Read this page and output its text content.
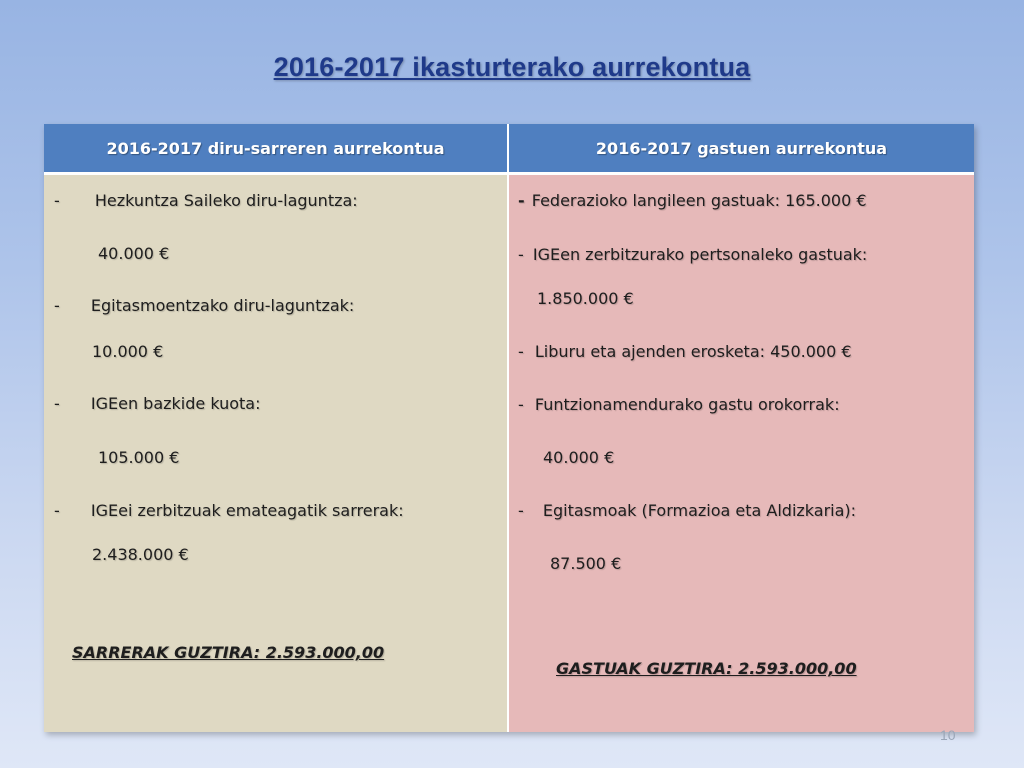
2016-2017 ikasturterako aurrekontua
2016-2017 diru-sarreren aurrekontua	2016-2017 gastuen aurrekontua
- Hezkuntza Saileko diru-laguntza:
40.000 €
- Egitasmoentzako diru-laguntzak:
10.000 €
- IGEen bazkide kuota:
105.000 €
- IGEei zerbitzuak emateagatik sarrerak:
2.438.000 €
SARRERAK GUZTIRA: 2.593.000,00
- Federazioko langileen gastuak: 165.000 €
- IGEen zerbitzurako pertsonaleko gastuak:
1.850.000 €
- Liburu eta ajenden erosketa: 450.000 €
- Funtzionamendurako gastu orokorrak:
40.000 €
- Egitasmoak (Formazioa eta Aldizkaria):
87.500 €
GASTUAK GUZTIRA: 2.593.000,00
10
